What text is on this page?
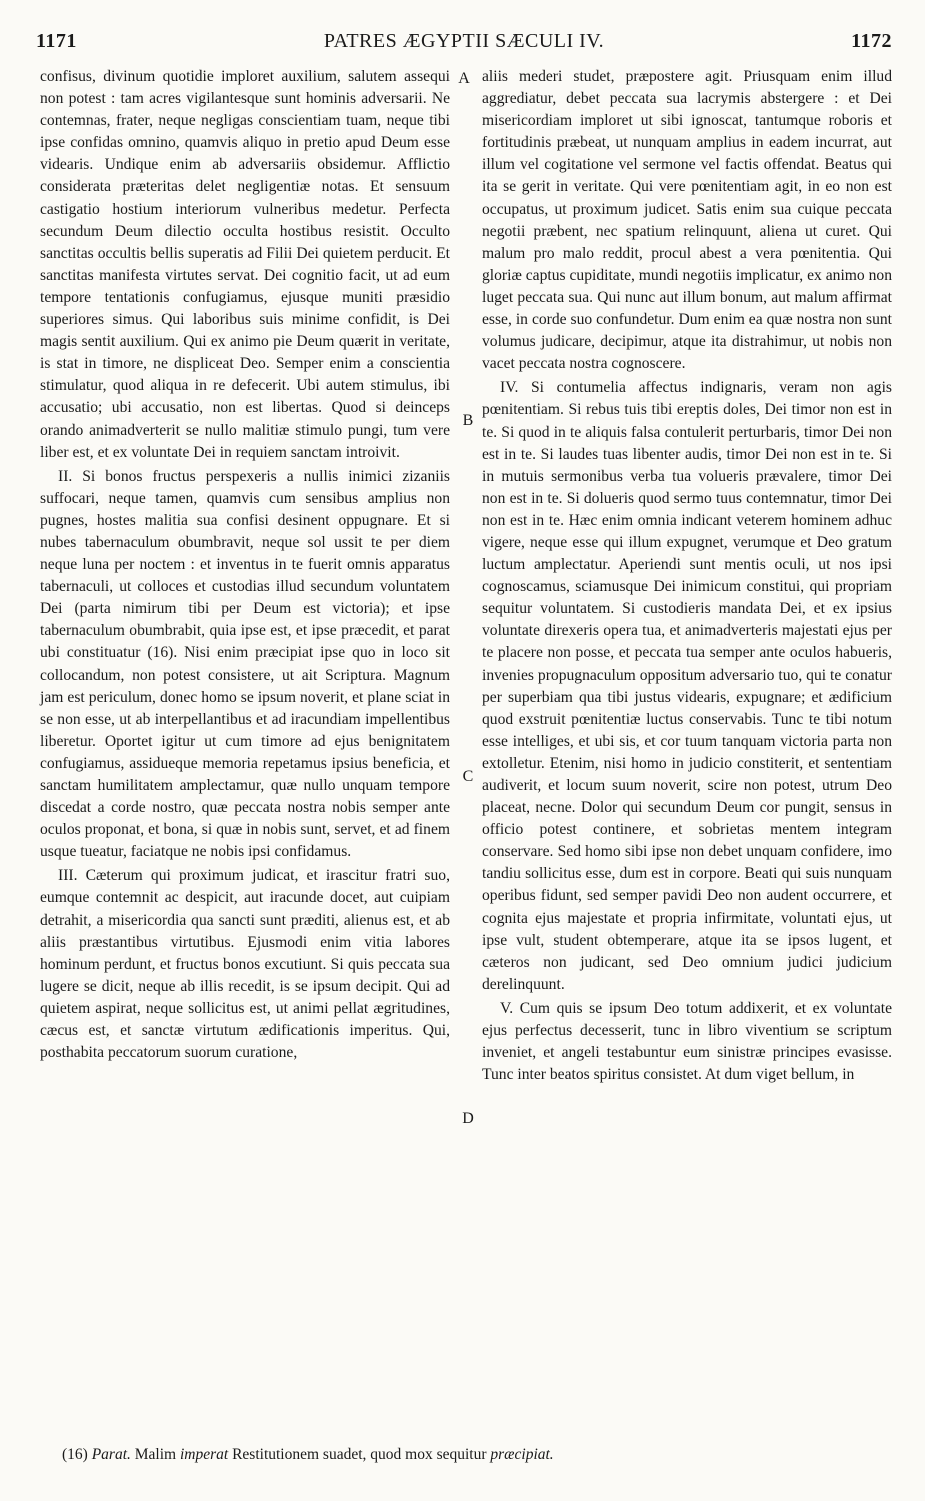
1171	PATRES ÆGYPTII SÆCULI IV.	1172

confisus, divinum quotidie imploret auxilium, salutem assequi non potest : tam acres vigilantesque sunt hominis adversarii. Ne contemnas, frater, neque negligas conscientiam tuam, neque tibi ipse confidas omnino, quamvis aliquo in pretio apud Deum esse videaris. Undique enim ab adversariis obsidemur. Afflictio considerata præteritas delet negligentiæ notas. Et sensuum castigatio hostium interiorum vulneribus medetur. Perfecta secundum Deum dilectio occulta hostibus resistit. Occulto sanctitas occultis bellis superatis ad Filii Dei quietem perducit. Et sanctitas manifesta virtutes servat. Dei cognitio facit, ut ad eum tempore tentationis confugiamus, ejusque muniti præsidio superiores simus. Qui laboribus suis minime confidit, is Dei magis sentit auxilium. Qui ex animo pie Deum quærit in veritate, is stat in timore, ne displiceat Deo. Semper enim a conscientia stimulatur, quod aliqua in re defecerit. Ubi autem stimulus, ibi accusatio; ubi accusatio, non est libertas. Quod si deinceps orando animadverterit se nullo malitiæ stimulo pungi, tum vere liber est, et ex voluntate Dei in requiem sanctam introivit.

II. Si bonos fructus perspexeris a nullis inimici zizaniis suffocari, neque tamen, quamvis cum sensibus amplius non pugnes, hostes malitia sua confisi desinent oppugnare. Et si nubes tabernaculum obumbravit, neque sol ussit te per diem neque luna per noctem : et inventus in te fuerit omnis apparatus tabernaculi, ut colloces et custodias illud secundum voluntatem Dei (parta nimirum tibi per Deum est victoria); et ipse tabernaculum obumbrabit, quia ipse est, et ipse præcedit, et parat ubi constituatur (16). Nisi enim præcipiat ipse quo in loco sit collocandum, non potest consistere, ut ait Scriptura. Magnum jam est periculum, donec homo se ipsum noverit, et plane sciat in se non esse, ut ab interpellantibus et ad iracundiam impellentibus liberetur. Oportet igitur ut cum timore ad ejus benignitatem confugiamus, assidueque memoria repetamus ipsius beneficia, et sanctam humilitatem amplectamur, quæ nullo unquam tempore discedat a corde nostro, quæ peccata nostra nobis semper ante oculos proponat, et bona, si quæ in nobis sunt, servet, et ad finem usque tueatur, faciatque ne nobis ipsi confidamus.

III. Cæterum qui proximum judicat, et irascitur fratri suo, eumque contemnit ac despicit, aut iracunde docet, aut cuipiam detrahit, a misericordia qua sancti sunt præditi, alienus est, et ab aliis præstantibus virtutibus. Ejusmodi enim vitia labores hominum perdunt, et fructus bonos excutiunt. Si quis peccata sua lugere se dicit, neque ab illis recedit, is se ipsum decipit. Qui ad quietem aspirat, neque sollicitus est, ut animi pellat ægritudines, cæcus est, et sanctæ virtutum ædificationis imperitus. Qui, posthabita peccatorum suorum curatione,

aliis mederi studet, præpostere agit. Priusquam enim illud aggrediatur, debet peccata sua lacrymis abstergere : et Dei misericordiam imploret ut sibi ignoscat, tantumque roboris et fortitudinis præbeat, ut nunquam amplius in eadem incurrat, aut illum vel cogitatione vel sermone vel factis offendat. Beatus qui ita se gerit in veritate. Qui vere pœnitentiam agit, in eo non est occupatus, ut proximum judicet. Satis enim sua cuique peccata negotii præbent, nec spatium relinquunt, aliena ut curet. Qui malum pro malo reddit, procul abest a vera pœnitentia. Qui gloriæ captus cupiditate, mundi negotiis implicatur, ex animo non luget peccata sua. Qui nunc aut illum bonum, aut malum affirmat esse, in corde suo confundetur. Dum enim ea quæ nostra non sunt volumus judicare, decipimur, atque ita distrahimur, ut nobis non vacet peccata nostra cognoscere.

IV. Si contumelia affectus indignaris, veram non agis pœnitentiam. Si rebus tuis tibi ereptis doles, Dei timor non est in te. Si quod in te aliquis falsa contulerit perturbaris, timor Dei non est in te. Si laudes tuas libenter audis, timor Dei non est in te. Si in mutuis sermonibus verba tua volueris prævalere, timor Dei non est in te. Si dolueris quod sermo tuus contemnatur, timor Dei non est in te. Hæc enim omnia indicant veterem hominem adhuc vigere, neque esse qui illum expugnet, verumque et Deo gratum luctum amplectatur. Aperiendi sunt mentis oculi, ut nos ipsi cognoscamus, sciamusque Dei inimicum constitui, qui propriam sequitur voluntatem. Si custodieris mandata Dei, et ex ipsius voluntate direxeris opera tua, et animadverteris majestati ejus per te placere non posse, et peccata tua semper ante oculos habueris, invenies propugnaculum oppositum adversario tuo, qui te conatur per superbiam qua tibi justus videaris, expugnare; et ædificium quod exstruit pœnitentiæ luctus conservabis. Tunc te tibi notum esse intelliges, et ubi sis, et cor tuum tanquam victoria parta non extolletur. Etenim, nisi homo in judicio constiterit, et sententiam audiverit, et locum suum noverit, scire non potest, utrum Deo placeat, necne. Dolor qui secundum Deum cor pungit, sensus in officio potest continere, et sobrietas mentem integram conservare. Sed homo sibi ipse non debet unquam confidere, imo tandiu sollicitus esse, dum est in corpore. Beati qui suis nunquam operibus fidunt, sed semper pavidi Deo non audent occurrere, et cognita ejus majestate et propria infirmitate, voluntati ejus, ut ipse vult, student obtemperare, atque ita se ipsos lugent, et cæteros non judicant, sed Deo omnium judici judicium derelinquunt.

V. Cum quis se ipsum Deo totum addixerit, et ex voluntate ejus perfectus decesserit, tunc in libro viventium se scriptum inveniet, et angeli testabuntur eum sinistræ principes evasisse. Tunc inter beatos spiritus consistet. At dum viget bellum, in

A
B
C
D
(16) Parat. Malim imperat Restitutionem suadet, quod mox sequitur præcipiat.
